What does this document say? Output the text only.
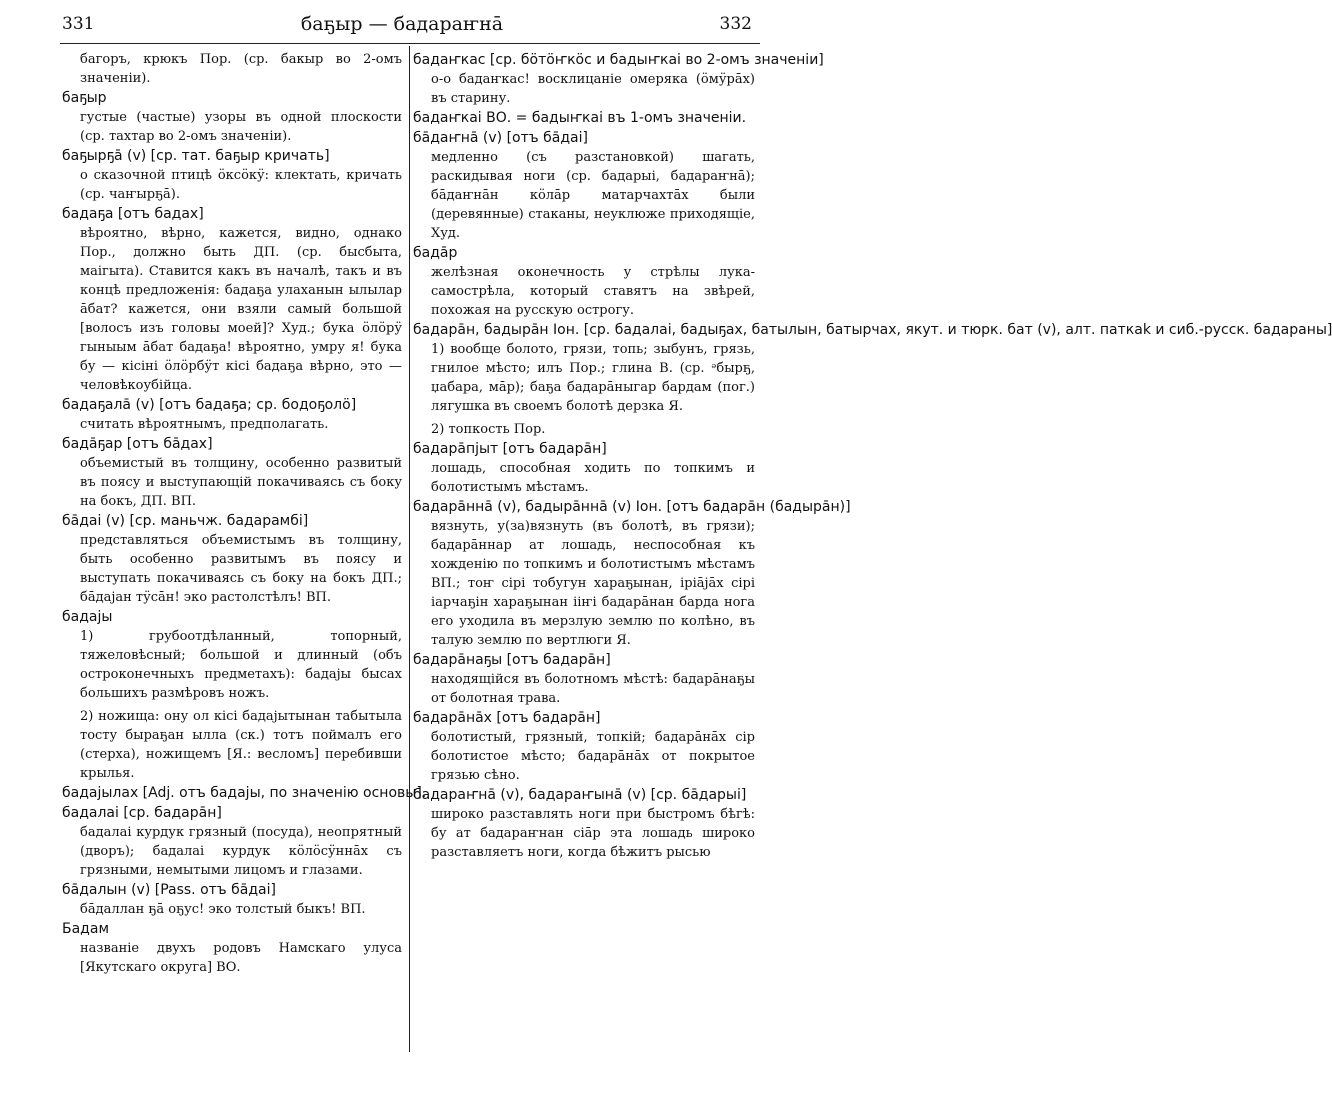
331	баҕыр — бадараҥна̄	332
багоръ, крюкъ Пор. (ср. бакыр во 2-омъ значенiи).
баҕыр
густые (частые) узоры въ одной плоскости (ср. тахтар во 2-омъ значенiи).
баҕырҕа̄ (v) [ср. тат. баҕыр кричать]
о сказочной птицѣ ӧксӧкӱ: клектать, кричать (ср. чаҥырҕа̄).
бадаҕа [отъ бадах]
вѣроятно, вѣрно, кажется, видно, однако Пор., должно быть ДП. (ср. быcбыта, маiгыта). Ставится какъ въ началѣ, такъ и въ концѣ предложенiя: бадаҕа улаханын ылылар а̄бат? кажется, они взяли самый большой [волосъ изъ головы моей]? Худ.; бука ӧлӧрӱ гыныым а̄бат бадаҕа! вѣроятно, умру я! бука бу — кісiнi ӧлӧрбӱт кісi бадаҕа вѣрно, это — человѣкоубiйца.
бадаҕала̄ (v) [отъ бадаҕа; ср. бодоҕолӧ]
считать вѣроятнымъ, предполагать.
бада̄ҕар [отъ ба̄дах]
объемистый въ толщину, особенно развитый въ поясу и выступающiй покачиваясь съ боку на бокъ, ДП. ВП.
ба̄даi (v) [ср. маньчж. бадарамбi]
представляться объемистымъ въ толщину, быть особенно развитымъ въ поясу и выступать покачиваясь съ боку на бокъ ДП.; ба̄даjан тӱса̄н! эко растолстѣлъ! ВП.
бадаjы
1) грубоотдѣланный, топорный, тяжеловѣсный; большой и длинный (объ остроконечныхъ предметахъ): бадаjы бысах большихъ размѣровъ ножъ.
2) ножища: ону ол кісi бадаjытынан табытыла тосту быраҕан ылла (ск.) тотъ поймалъ его (стерха), ножищемъ [Я.: весломъ] перебивши крылья.
бадаjылах [Adj. отъ бадаjы, по значенiю основы].
бадалаi [ср. бадара̄н]
бадалаi курдук грязный (посуда), неопрятный (дворъ); бадалаi курдук кӧлӧсӱнна̄х съ грязными, немытыми лицомъ и глазами.
ба̄далын (v) [Pass. отъ ба̄даi]
ба̄даллан ҕа̄ оҕус! эко толстый быкъ! ВП.
Бадам
названiе двухъ родовъ Намскаго улуса [Якутскаго округа] ВО.
бадаҥкас [ср. бӧтӧҥкӧс и бадыҥкаi во 2-омъ значенiи]
о-о бадаҥкас! восклицанiе омеряка (ӧмӱра̄х) въ старину.
бадаҥкаi ВО. = бадыҥкаi въ 1-омъ значенiи.
ба̄даҥна̄ (v) [отъ ба̄даi]
медленно (съ разстановкой) шагать, раскидывая ноги (ср. бадарыi, бадараҥна̄); ба̄даҥна̄н кӧла̄р матарчахта̄х были (деревянные) стаканы, неуклюже приходящiе, Худ.
бада̄р
желѣзная оконечность у стрѣлы лука-самострѣла, который ставятъ на звѣрей, похожая на русскую острогу.
бадара̄н, бадыра̄н Іон. [ср. бадалаi, бадыҕах, батылын, батырчах, якут. и тюрк. бат (v), алт. паткаk и сиб.-русск. бадараны]
1) вообще болото, грязи, топь; зыбунъ, грязь, гнилое мѣсто; илъ Пор.; глина В. (ср. ᵊбырҕ, џабара, ма̄р); баҕа бадара̄ныгар бардам (пог.) лягушка въ своемъ болотѣ дерзка Я.
2) топкость Пор.
бадара̄пjыт [отъ бадара̄н]
лошадь, способная ходить по топкимъ и болотистымъ мѣстамъ.
бадара̄нна̄ (v), бадыра̄нна̄ (v) Іон. [отъ бадара̄н (бадыра̄н)]
вязнуть, у(за)вязнуть (въ болотѣ, въ грязи); бадара̄ннар ат лошадь, неспособная къ хожденiю по топкимъ и болотистымъ мѣстамъ ВП.; тоҥ сiрi тобугун хараҕынан, іріа̄jа̄х сiрi іарчаҕін хараҕынан ііҥі бадара̄нан барда нога его уходила въ мерзлую землю по колѣно, въ талую землю по вертлюги Я.
бадара̄наҕы [отъ бадара̄н]
находящiйся въ болотномъ мѣстѣ: бадара̄наҕы от болотная трава.
бадара̄на̄х [отъ бадара̄н]
болотистый, грязный, топкiй; бадара̄на̄х сiр болотистое мѣсто; бадара̄на̄х от покрытое грязью сѣно.
бадараҥна̄ (v), бадараҥына̄ (v) [ср. ба̄дарыi]
широко разставлять ноги при быстромъ бѣгѣ: бу ат бадараҥнан сiа̄р эта лошадь широко разставляетъ ноги, когда бѣжитъ рысью
